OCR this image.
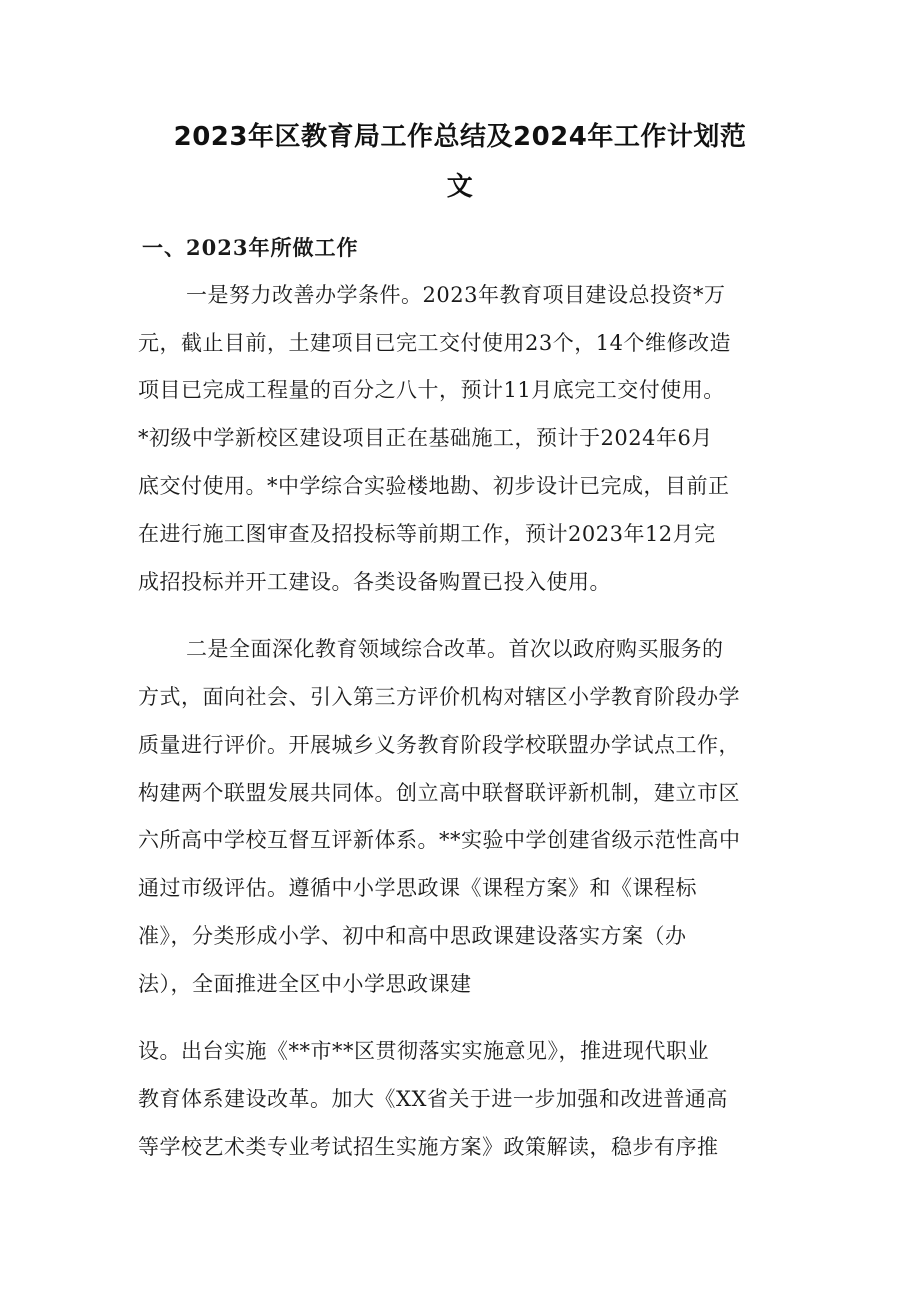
2023年区教育局工作总结及2024年工作计划范
文
一、2023年所做工作

一是努力改善办学条件。2023年教育项目建设总投资*万

元，截止目前，土建项目已完工交付使用23个，14个维修改造

项目已完成工程量的百分之八十，预计11月底完工交付使用。

*初级中学新校区建设项目正在基础施工，预计于2024年6月

底交付使用。*中学综合实验楼地勘、初步设计已完成，目前正

在进行施工图审查及招投标等前期工作，预计2023年12月完

成招投标并开工建设。各类设备购置已投入使用。

二是全面深化教育领域综合改革。首次以政府购买服务的

方式，面向社会、引入第三方评价机构对辖区小学教育阶段办学

质量进行评价。开展城乡义务教育阶段学校联盟办学试点工作，

构建两个联盟发展共同体。创立高中联督联评新机制，建立市区

六所高中学校互督互评新体系。**实验中学创建省级示范性高中

通过市级评估。遵循中小学思政课《课程方案》和《课程标

准》，分类形成小学、初中和高中思政课建设落实方案（办

法），全面推进全区中小学思政课建

设。出台实施《**市**区贯彻落实实施意见》，推进现代职业

教育体系建设改革。加大《XX省关于进一步加强和改进普通高

等学校艺术类专业考试招生实施方案》政策解读，稳步有序推
